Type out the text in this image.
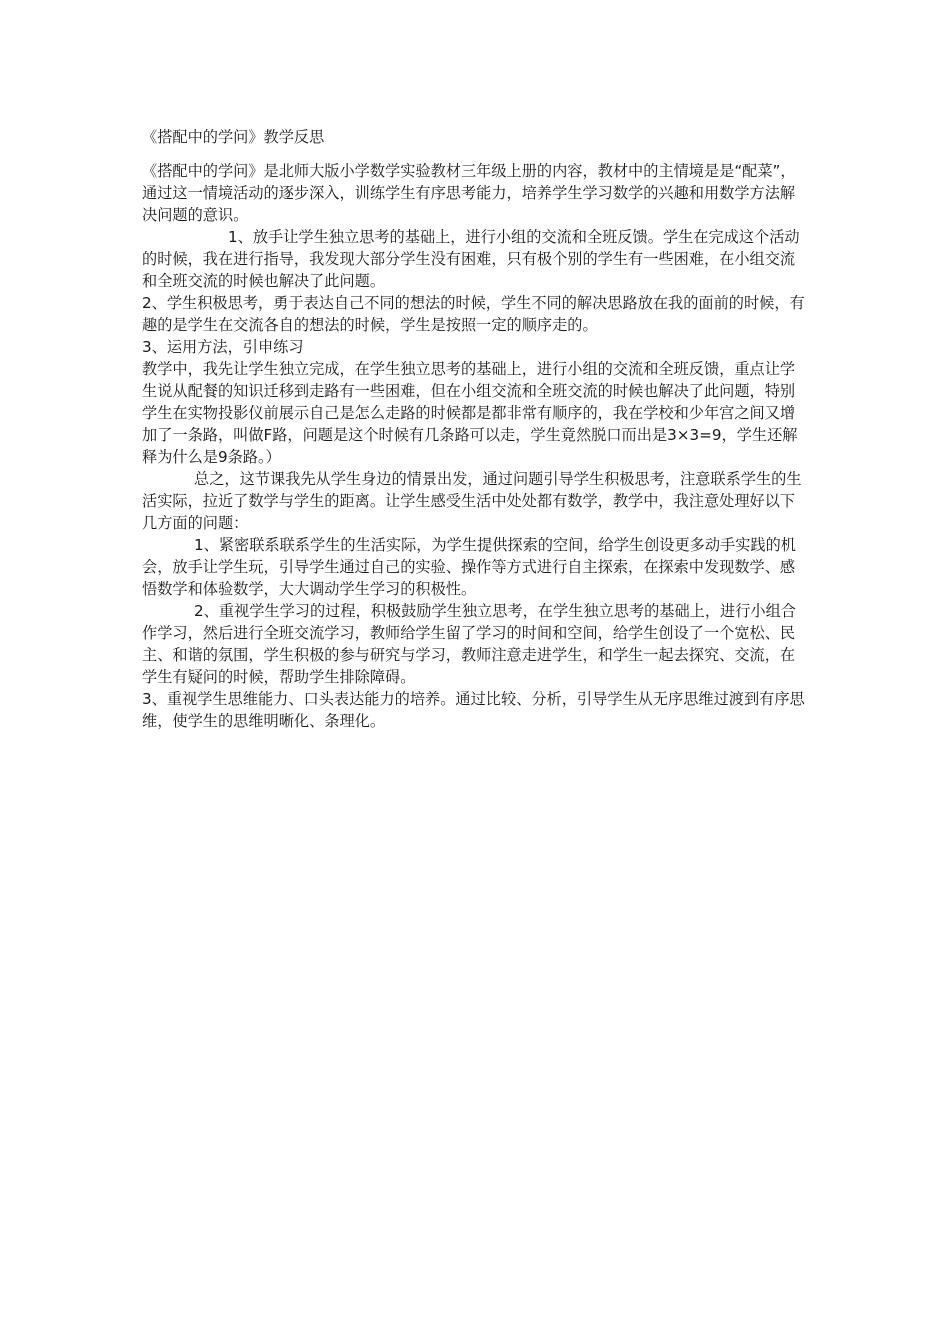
《搭配中的学问》教学反思

《搭配中的学问》是北师大版小学数学实验教材三年级上册的内容，教材中的主情境是是“配菜”，通过这一情境活动的逐步深入，训练学生有序思考能力，培养学生学习数学的兴趣和用数学方法解决问题的意识。

1、放手让学生独立思考的基础上，进行小组的交流和全班反馈。学生在完成这个活动的时候，我在进行指导，我发现大部分学生没有困难，只有极个别的学生有一些困难，在小组交流和全班交流的时候也解决了此问题。

2、学生积极思考，勇于表达自己不同的想法的时候，学生不同的解决思路放在我的面前的时候，有趣的是学生在交流各自的想法的时候，学生是按照一定的顺序走的。

3、运用方法，引申练习

教学中，我先让学生独立完成，在学生独立思考的基础上，进行小组的交流和全班反馈，重点让学生说从配餐的知识迁移到走路有一些困难，但在小组交流和全班交流的时候也解决了此问题，特别学生在实物投影仪前展示自己是怎么走路的时候都是都非常有顺序的，我在学校和少年宫之间又增加了一条路，叫做F路，问题是这个时候有几条路可以走，学生竟然脱口而出是3×3=9，学生还解释为什么是9条路。）

总之，这节课我先从学生身边的情景出发，通过问题引导学生积极思考，注意联系学生的生活实际，拉近了数学与学生的距离。让学生感受生活中处处都有数学，教学中，我注意处理好以下几方面的问题：

1、紧密联系联系学生的生活实际，为学生提供探索的空间，给学生创设更多动手实践的机会，放手让学生玩，引导学生通过自己的实验、操作等方式进行自主探索，在探索中发现数学、感悟数学和体验数学，大大调动学生学习的积极性。

2、重视学生学习的过程，积极鼓励学生独立思考，在学生独立思考的基础上，进行小组合作学习，然后进行全班交流学习，教师给学生留了学习的时间和空间，给学生创设了一个宽松、民主、和谐的氛围，学生积极的参与研究与学习，教师注意走进学生，和学生一起去探究、交流，在学生有疑问的时候，帮助学生排除障碍。

3、重视学生思维能力、口头表达能力的培养。通过比较、分析，引导学生从无序思维过渡到有序思维，使学生的思维明晰化、条理化。
